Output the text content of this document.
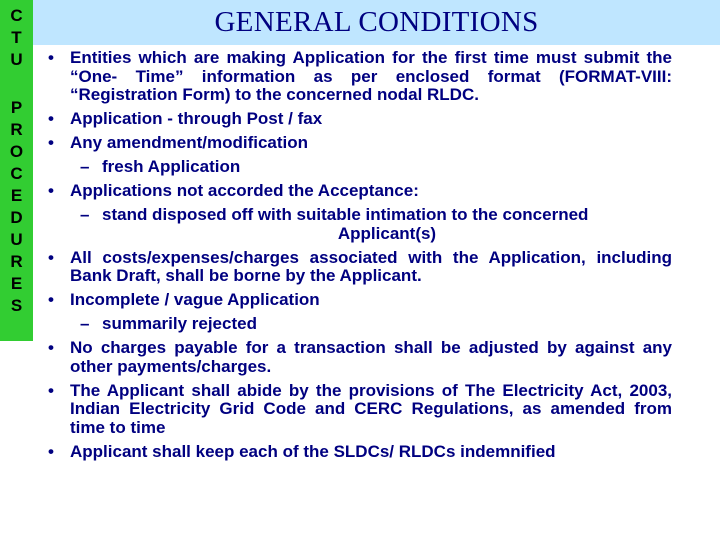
C
T
U
P
R
O
C
E
D
U
R
E
S
GENERAL CONDITIONS
• Entities which are making Application for the first time must submit the “One- Time” information as per enclosed format (FORMAT-VIII: “Registration Form) to the concerned nodal RLDC.
• Application - through Post / fax
• Any amendment/modification
– fresh Application
• Applications not accorded the Acceptance:
– stand disposed off with suitable intimation to the concerned
Applicant(s)
• All costs/expenses/charges associated with the Application, including Bank Draft, shall be borne by the Applicant.
• Incomplete / vague Application
– summarily rejected
• No charges payable for a transaction shall be adjusted by against any other payments/charges.
• The Applicant shall abide by the provisions of The Electricity Act, 2003, Indian Electricity Grid Code and CERC Regulations, as amended from time to time
• Applicant shall keep each of the SLDCs/ RLDCs indemnified
